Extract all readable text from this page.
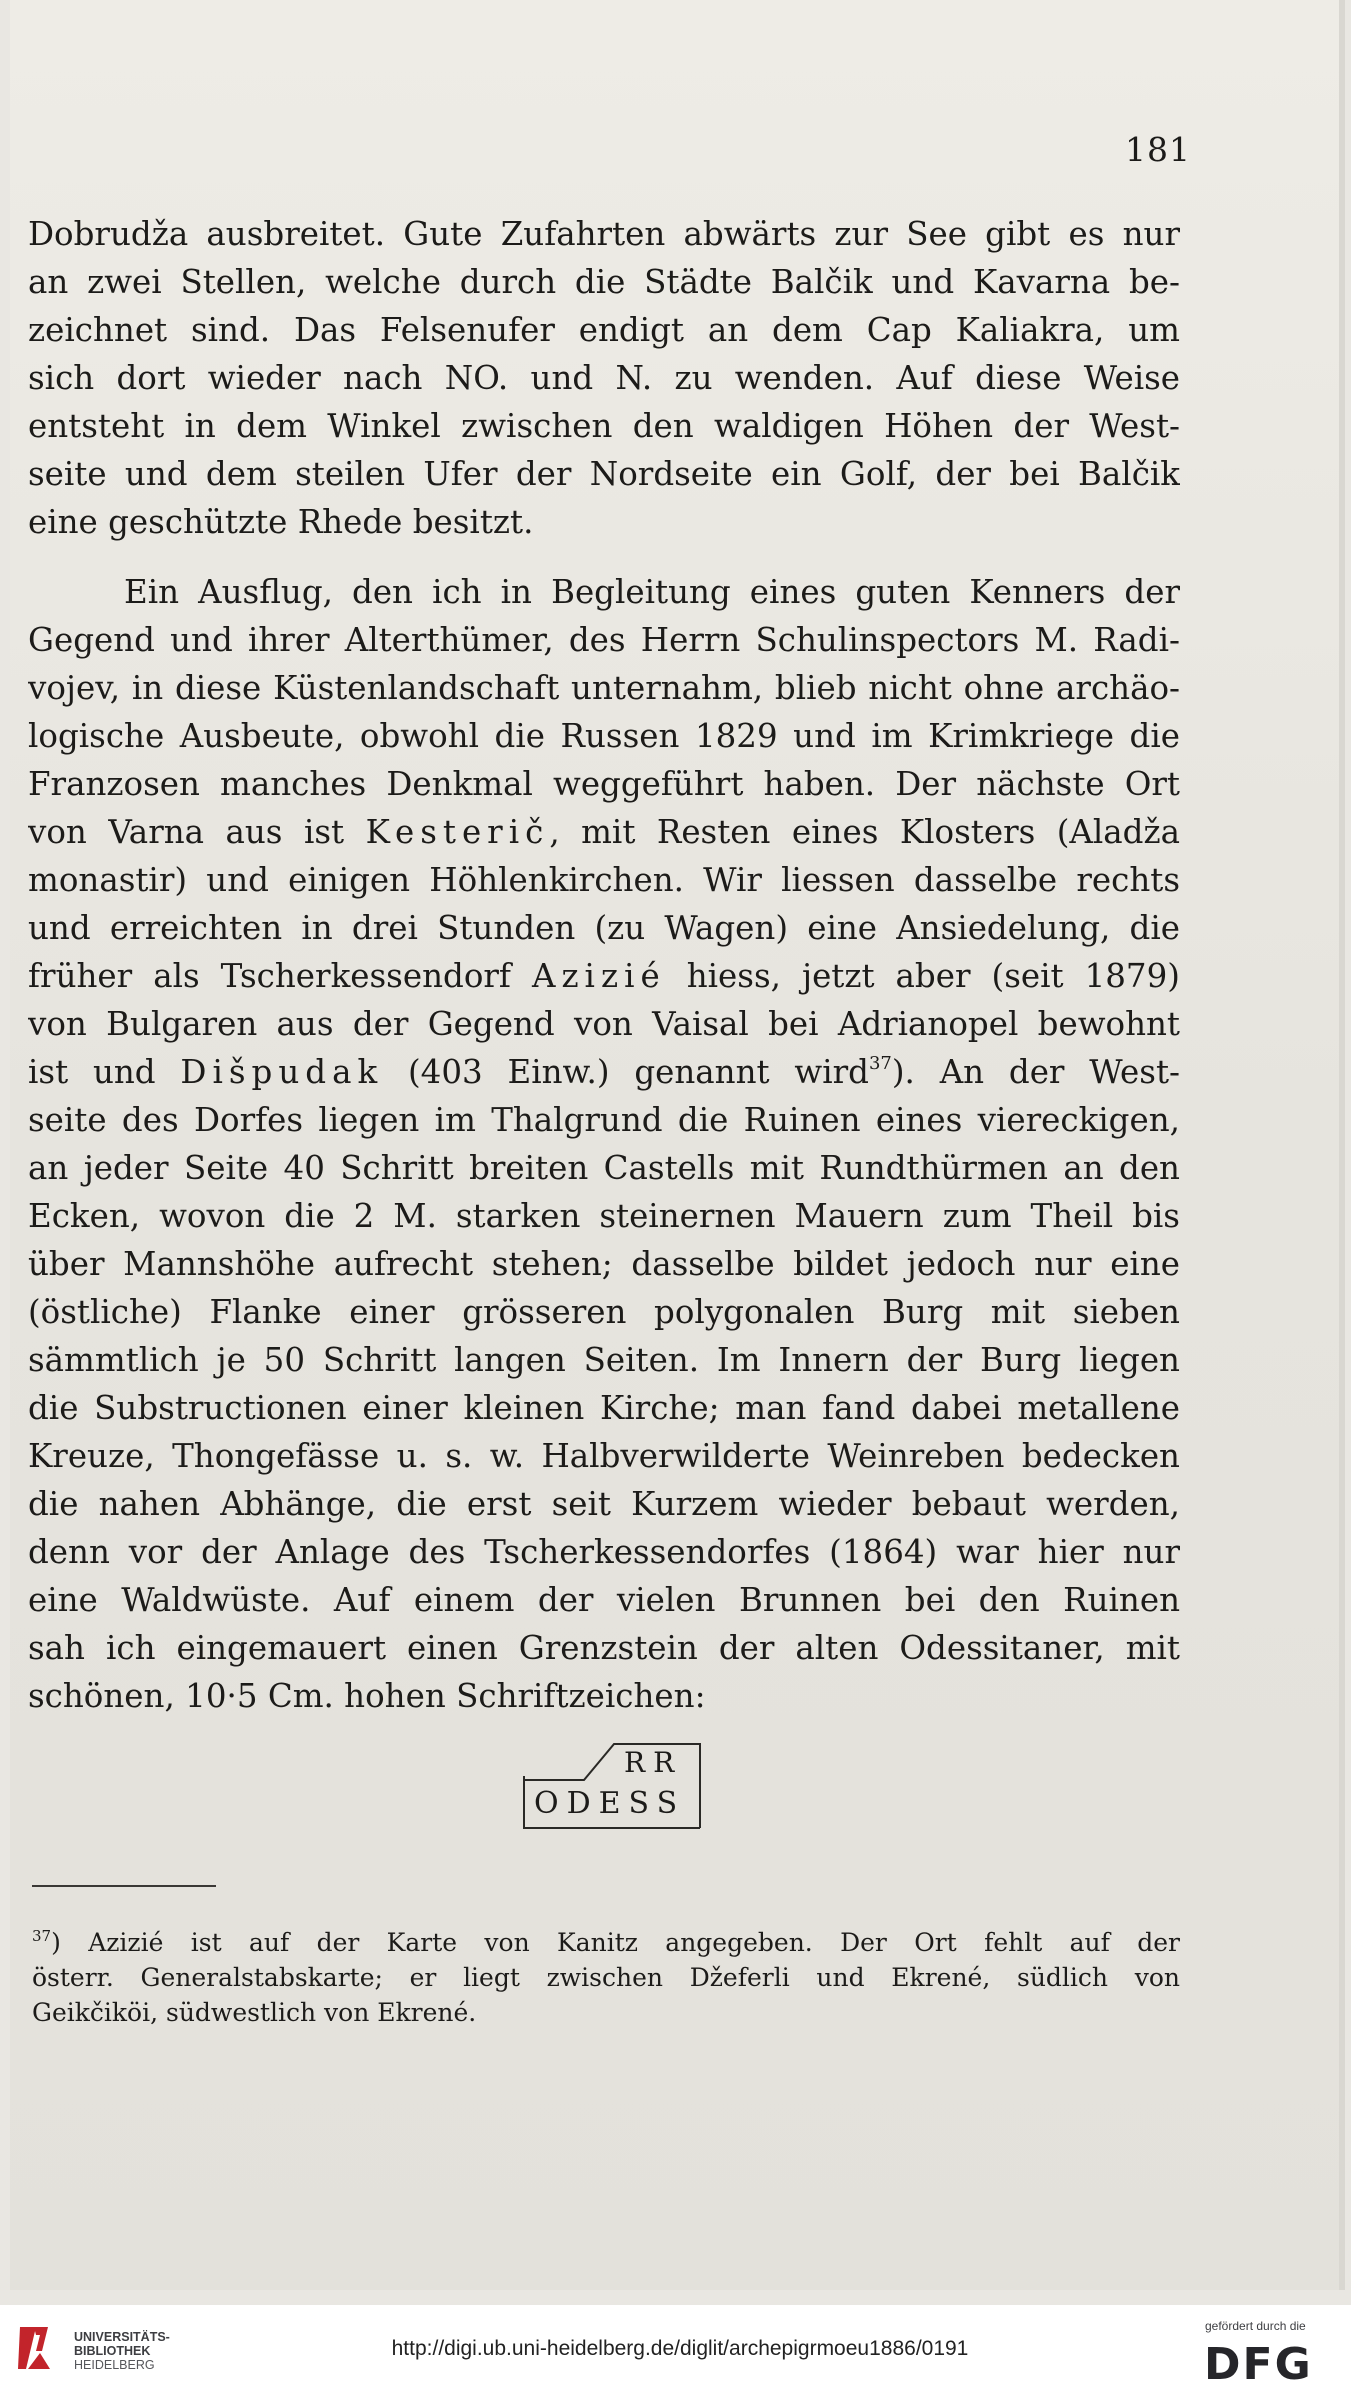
181

Dobrudža ausbreitet. Gute Zufahrten abwärts zur See gibt es nur

an zwei Stellen, welche durch die Städte Balčik und Kavarna be-

zeichnet sind. Das Felsenufer endigt an dem Cap Kaliakra, um

sich dort wieder nach NO. und N. zu wenden. Auf diese Weise

entsteht in dem Winkel zwischen den waldigen Höhen der West-

seite und dem steilen Ufer der Nordseite ein Golf, der bei Balčik

eine geschützte Rhede besitzt.

Ein Ausflug, den ich in Begleitung eines guten Kenners der

Gegend und ihrer Alterthümer, des Herrn Schulinspectors M. Radi-

vojev, in diese Küstenlandschaft unternahm, blieb nicht ohne archäo-

logische Ausbeute, obwohl die Russen 1829 und im Krimkriege die

Franzosen manches Denkmal weggeführt haben. Der nächste Ort

von Varna aus ist Kesterič, mit Resten eines Klosters (Aladža

monastir) und einigen Höhlenkirchen. Wir liessen dasselbe rechts

und erreichten in drei Stunden (zu Wagen) eine Ansiedelung, die

früher als Tscherkessendorf Azizié hiess, jetzt aber (seit 1879)

von Bulgaren aus der Gegend von Vaisal bei Adrianopel bewohnt

ist und Dišpudak (403 Einw.) genannt wird$^{37}$). An der West-

seite des Dorfes liegen im Thalgrund die Ruinen eines viereckigen,

an jeder Seite 40 Schritt breiten Castells mit Rundthürmen an den

Ecken, wovon die 2 M. starken steinernen Mauern zum Theil bis

über Mannshöhe aufrecht stehen; dasselbe bildet jedoch nur eine

(östliche) Flanke einer grösseren polygonalen Burg mit sieben

sämmtlich je 50 Schritt langen Seiten. Im Innern der Burg liegen

die Substructionen einer kleinen Kirche; man fand dabei metallene

Kreuze, Thongefässe u. s. w. Halbverwilderte Weinreben bedecken

die nahen Abhänge, die erst seit Kurzem wieder bebaut werden,

denn vor der Anlage des Tscherkessendorfes (1864) war hier nur

eine Waldwüste. Auf einem der vielen Brunnen bei den Ruinen

sah ich eingemauert einen Grenzstein der alten Odessitaner, mit

schönen, 10·5 Cm. hohen Schriftzeichen:

RR
ODESS

$^{37}$) Azizié ist auf der Karte von Kanitz angegeben. Der Ort fehlt auf der

österr. Generalstabskarte; er liegt zwischen Džeferli und Ekrené, südlich von

Geikčiköi, südwestlich von Ekrené.

UNIVERSITÄTS-
BIBLIOTHEK
HEIDELBERG
http://digi.ub.uni-heidelberg.de/diglit/archepigrmoeu1886/0191
gefördert durch die
DFG
